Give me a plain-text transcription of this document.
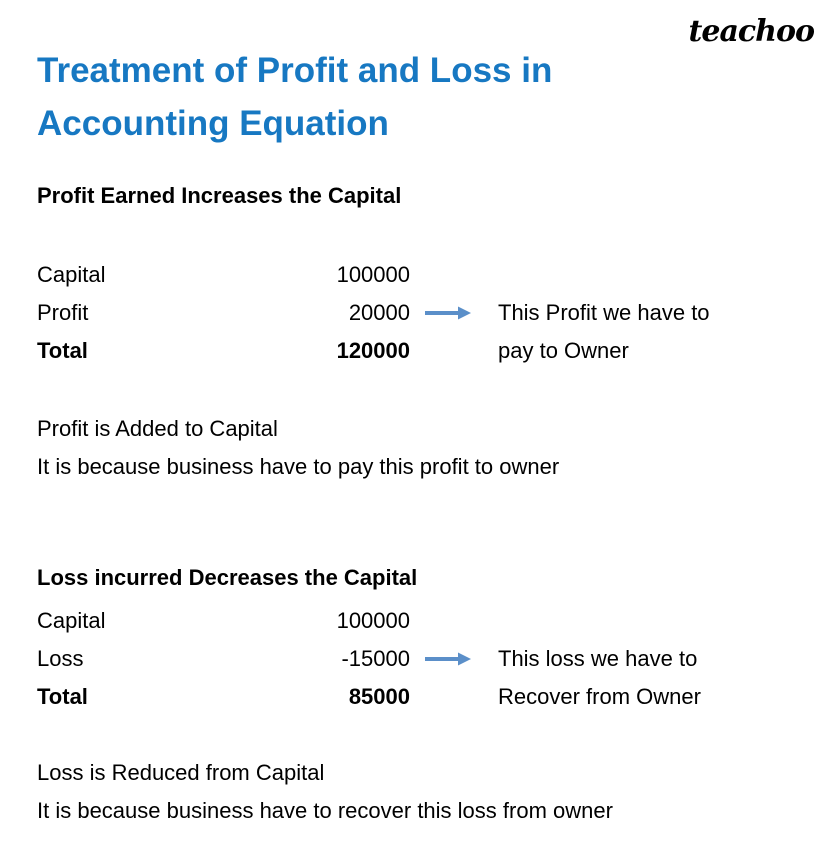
teachoo
Treatment of Profit and Loss in
Accounting Equation
Profit Earned Increases the Capital
Capital	100000
Profit	20000	This Profit we have to
Total	120000	pay to Owner
Profit is Added to Capital
It is because business have to pay this profit to owner
Loss incurred Decreases the Capital
Capital	100000
Loss	-15000	This loss we have to
Total	85000	Recover from Owner
Loss is Reduced from Capital
It is because business have to recover this loss from owner
